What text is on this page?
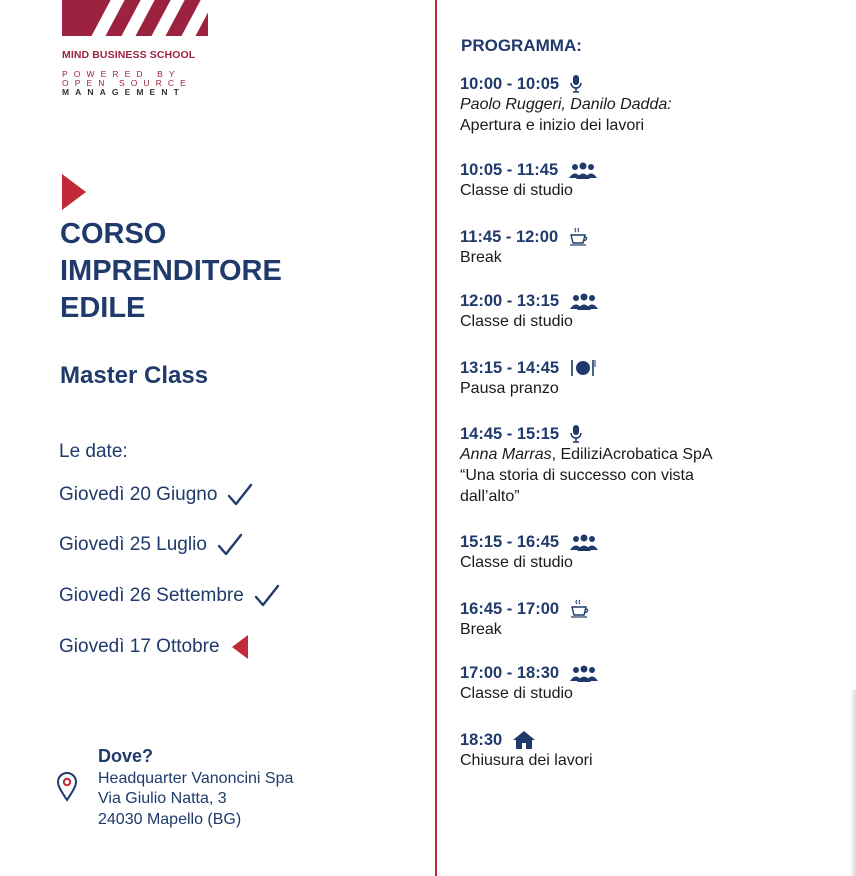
MIND BUSINESS SCHOOL
POWERED BY
OPEN SOURCE
MANAGEMENT
CORSO
IMPRENDITORE
EDILE
Master Class
Le date:
Giovedì 20 Giugno
Giovedì 25 Luglio
Giovedì 26 Settembre
Giovedì 17 Ottobre
Dove?
Headquarter Vanoncini Spa
Via Giulio Natta, 3
24030 Mapello (BG)
PROGRAMMA:
10:00 - 10:05
Paolo Ruggeri, Danilo Dadda:
Apertura e inizio dei lavori
10:05 - 11:45
Classe di studio
11:45 - 12:00
Break
12:00 - 13:15
Classe di studio
13:15 - 14:45
Pausa pranzo
14:45 - 15:15
Anna Marras, EdiliziAcrobatica SpA
“Una storia di successo con vista
dall’alto”
15:15 - 16:45
Classe di studio
16:45 - 17:00
Break
17:00 - 18:30
Classe di studio
18:30
Chiusura dei lavori
